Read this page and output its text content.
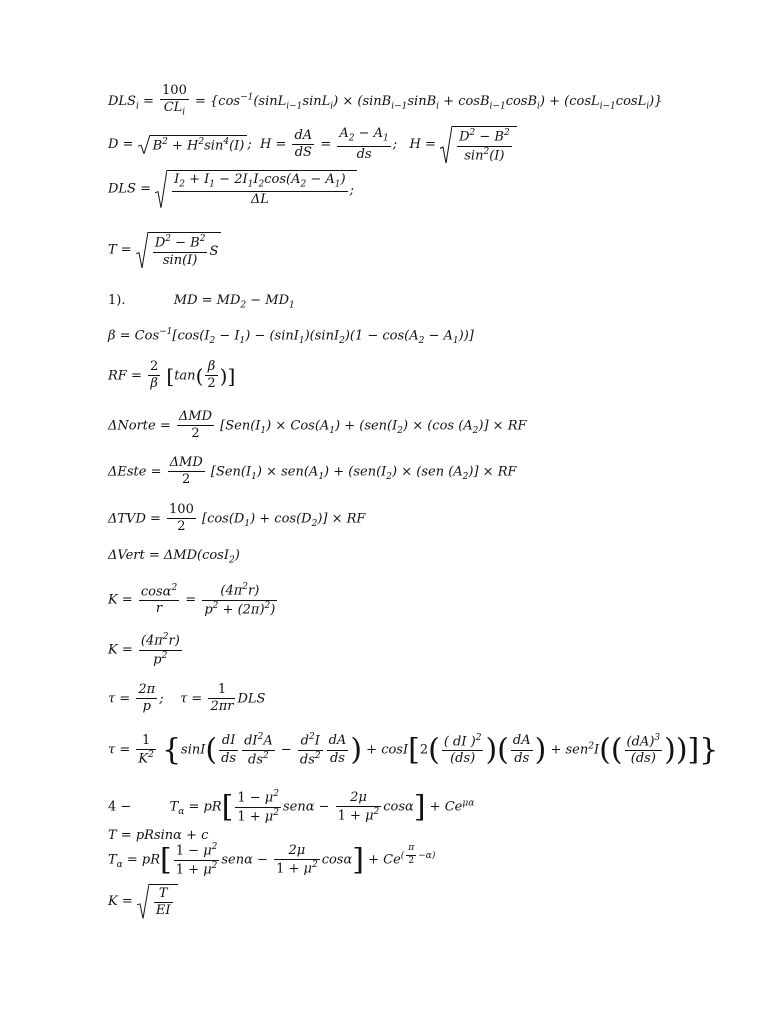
$DLS_i = \frac{100}{CL_i} = \{\cos^{-1}(\sin L_{i-1}\sin L_i) \times (\sin B_{i-1}\sin B_i + \cos B_{i-1}\cos B_i) + (\cos L_{i-1}\cos L_i)\}$
D =
$B^2 + H^2\sin^4(I)$ ;  $H = \frac{dA}{dS} = \frac{A_2 - A_1}{ds}$ ;   $H = \frac{D^2 - B^2}{\sin^2(I)}$
DLS = $\frac{I_2 + I_1 - 2I_1I_2\cos(A_2 - A_1)}{\Delta L}$ ;
$T = \frac{D^2 - B^2}{\sin(I)}$ S
1).	MD = $MD_2 - MD_1$
$\beta = Cos^{-1}[\cos(I_2 - I_1) - (\sin I_1)(\sin I_2)(1 - \cos(A_2 - A_1))]$
RF = $\frac{2}{\beta} [\tan( \frac{\beta}{2}$ )]
ΔNorte = $\frac{\text{ΔMD}}{2} [Sen(I_1) \times Cos(A_1) + (sen(I_2) \times (\cos$ $(A_2)$] × RF
ΔEste = $\frac{\text{ΔMD}}{2} [Sen(I_1) \times sen(A_1) + (sen(I_2) \times (sen$ $(A_2)$] × RF
$\Delta TVD = \frac{100}{2} [\cos(D_1) + \cos(D_2)]$ × RF
ΔVert = ΔMD(cosI$_2$)
$K = \frac{\cos\alpha^2}{r} = \frac{(4\pi^2r)}{p^2 + (2\pi)^2)}$
$K = \frac{(4\pi^2r)}{p^2}$
$\tau = \frac{2\pi}{p}$ ;    $\tau = \frac{1}{2\pi r}$ DLS
$\tau = \frac{1}{K^2} \{\sin I( \frac{dI}{ds} \frac{dI^2A}{ds^2} - \frac{d^2I}{ds^2} \frac{dA}{ds}$ ) + $\cos I[2( \frac{( dI )^2}{(ds)}$ )( $\frac{dA}{ds}$ ) + $sen^2I(( \frac{(dA)^3}{(ds)}$ ))]}
4 −	$T_\alpha = pR[ \frac{1 - \mu^2}{1 + \mu^2}$ $sen\alpha - \frac{2\mu}{1 + \mu^2} \cos\alpha] + Ce^{\mu\alpha}$
T = pRsinα + c
$T_\alpha = pR[ \frac{1 - \mu^2}{1 + \mu^2}$ $sen\alpha - \frac{2\mu}{1 + \mu^2} \cos\alpha] + Ce^{( \frac{\pi}{2} -\alpha)}$
$K = \frac{T}{EI}$
